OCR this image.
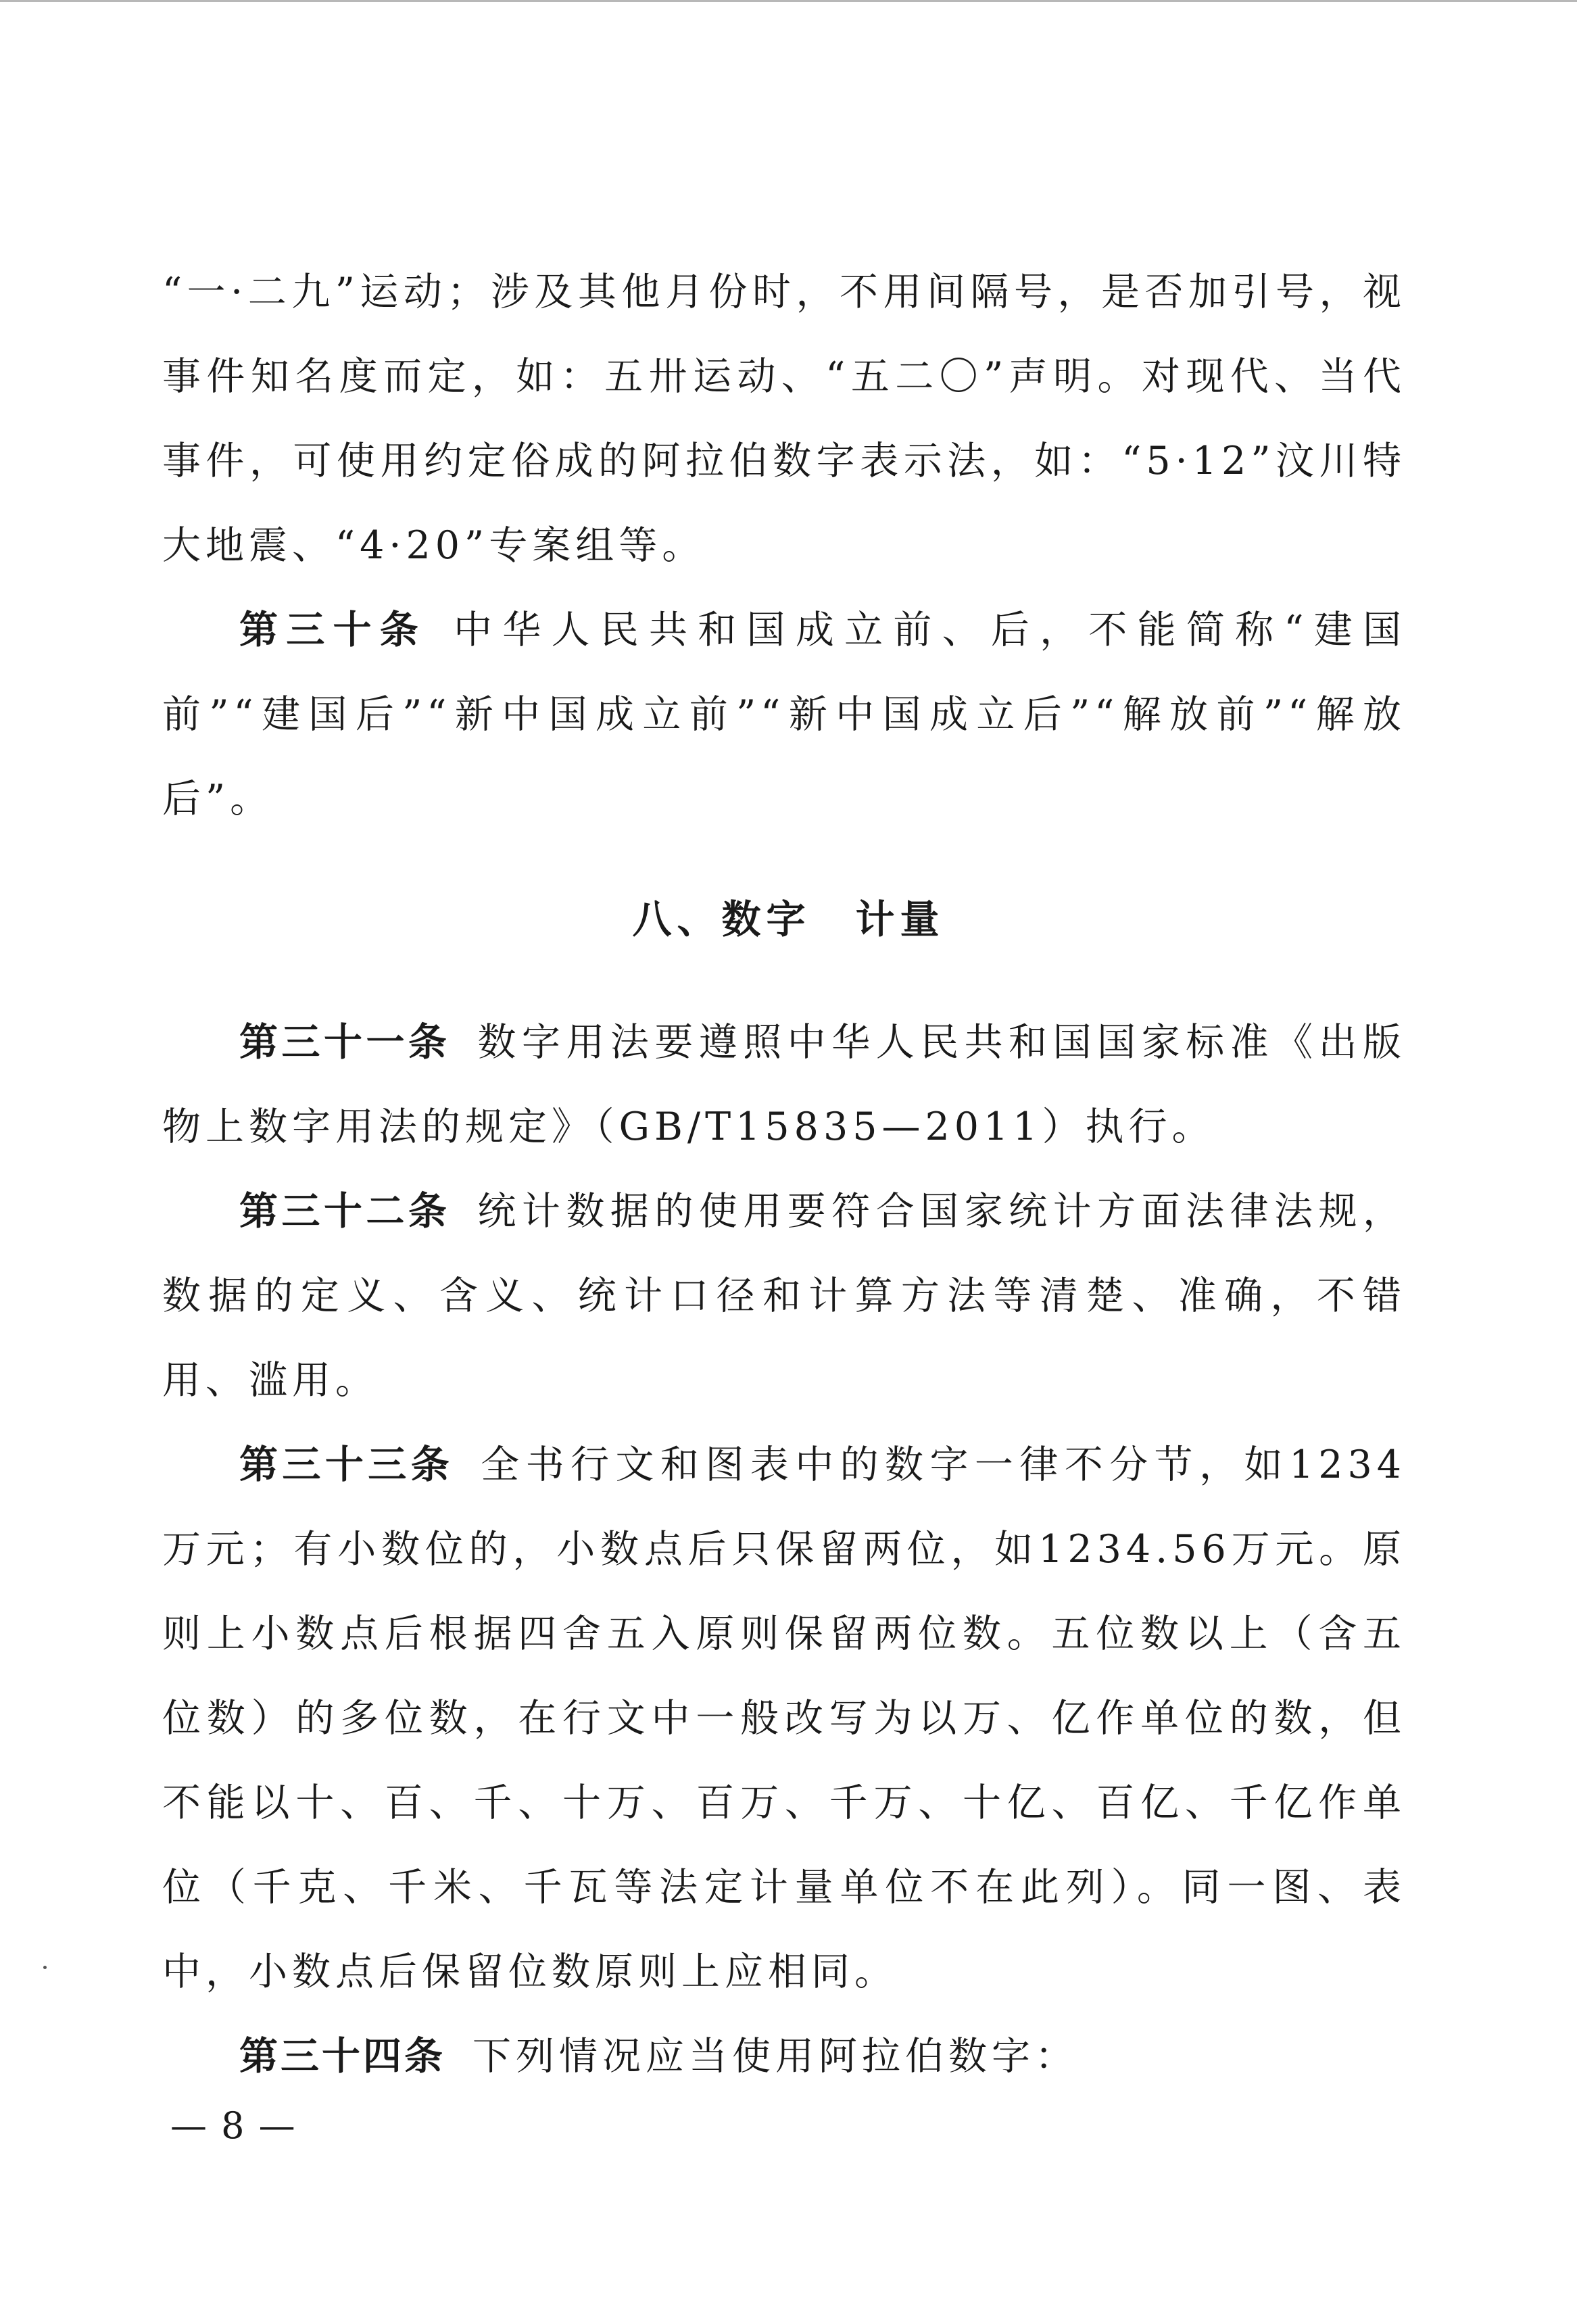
“一·二九”运动；涉及其他月份时，不用间隔号，是否加引号，视事件知名度而定，如：五卅运动、“五二〇”声明。对现代、当代事件，可使用约定俗成的阿拉伯数字表示法，如：“5·12”汶川特大地震、“4·20”专案组等。

第三十条 中华人民共和国成立前、后，不能简称“建国前”“建国后”“新中国成立前”“新中国成立后”“解放前”“解放后”。

八、数字　计量

第三十一条 数字用法要遵照中华人民共和国国家标准《出版物上数字用法的规定》（GB/T15835—2011）执行。

第三十二条 统计数据的使用要符合国家统计方面法律法规，数据的定义、含义、统计口径和计算方法等清楚、准确，不错用、滥用。

第三十三条 全书行文和图表中的数字一律不分节，如1234万元；有小数位的，小数点后只保留两位，如1234.56万元。原则上小数点后根据四舍五入原则保留两位数。五位数以上（含五位数）的多位数，在行文中一般改写为以万、亿作单位的数，但不能以十、百、千、十万、百万、千万、十亿、百亿、千亿作单位（千克、千米、千瓦等法定计量单位不在此列）。同一图、表中，小数点后保留位数原则上应相同。

第三十四条 下列情况应当使用阿拉伯数字：

— 8 —
